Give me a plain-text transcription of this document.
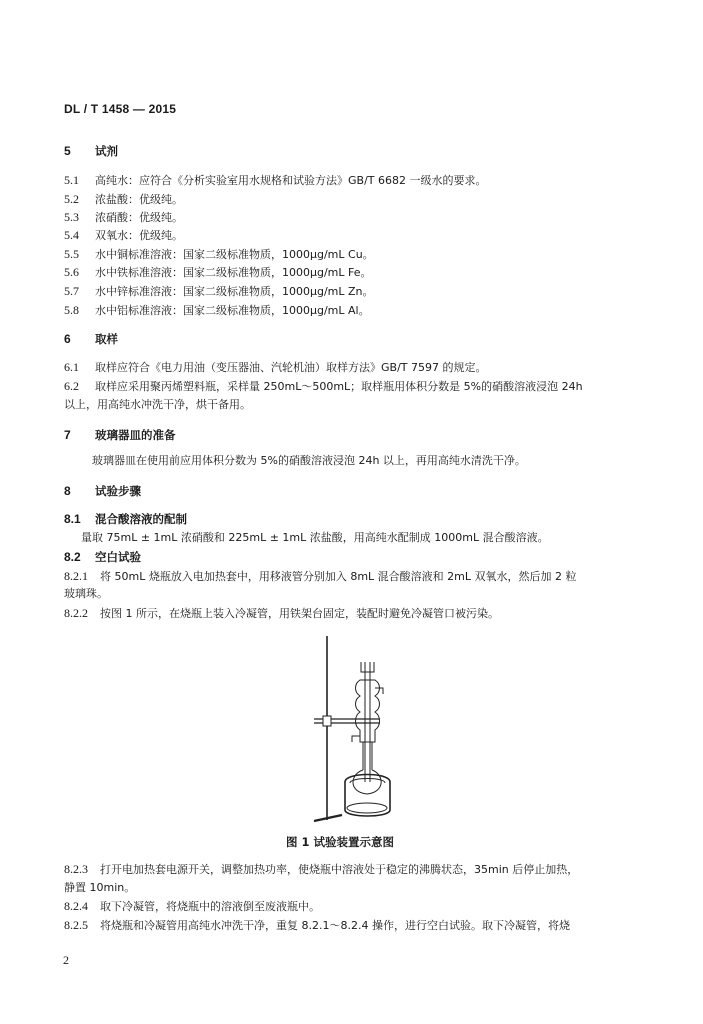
DL / T 1458 — 2015
5 试剂
5.1 高纯水：应符合《分析实验室用水规格和试验方法》GB/T 6682 一级水的要求。
5.2 浓盐酸：优级纯。
5.3 浓硝酸：优级纯。
5.4 双氧水：优级纯。
5.5 水中铜标准溶液：国家二级标准物质，1000μg/mL Cu。
5.6 水中铁标准溶液：国家二级标准物质，1000μg/mL Fe。
5.7 水中锌标准溶液：国家二级标准物质，1000μg/mL Zn。
5.8 水中铝标准溶液：国家二级标准物质，1000μg/mL Al。
6 取样
6.1 取样应符合《电力用油（变压器油、汽轮机油）取样方法》GB/T 7597 的规定。
6.2 取样应采用聚丙烯塑料瓶，采样量 250mL～500mL；取样瓶用体积分数是 5%的硝酸溶液浸泡 24h
以上，用高纯水冲洗干净，烘干备用。
7 玻璃器皿的准备
玻璃器皿在使用前应用体积分数为 5%的硝酸溶液浸泡 24h 以上，再用高纯水清洗干净。
8 试验步骤
8.1 混合酸溶液的配制
量取 75mL ± 1mL 浓硝酸和 225mL ± 1mL 浓盐酸，用高纯水配制成 1000mL 混合酸溶液。
8.2 空白试验
8.2.1 将 50mL 烧瓶放入电加热套中，用移液管分别加入 8mL 混合酸溶液和 2mL 双氧水，然后加 2 粒
玻璃珠。
8.2.2 按图 1 所示，在烧瓶上装入冷凝管，用铁架台固定，装配时避免冷凝管口被污染。
图 1 试验装置示意图
8.2.3 打开电加热套电源开关，调整加热功率，使烧瓶中溶液处于稳定的沸腾状态，35min 后停止加热，
静置 10min。
8.2.4 取下冷凝管，将烧瓶中的溶液倒至废液瓶中。
8.2.5 将烧瓶和冷凝管用高纯水冲洗干净，重复 8.2.1～8.2.4 操作，进行空白试验。取下冷凝管，将烧
2
